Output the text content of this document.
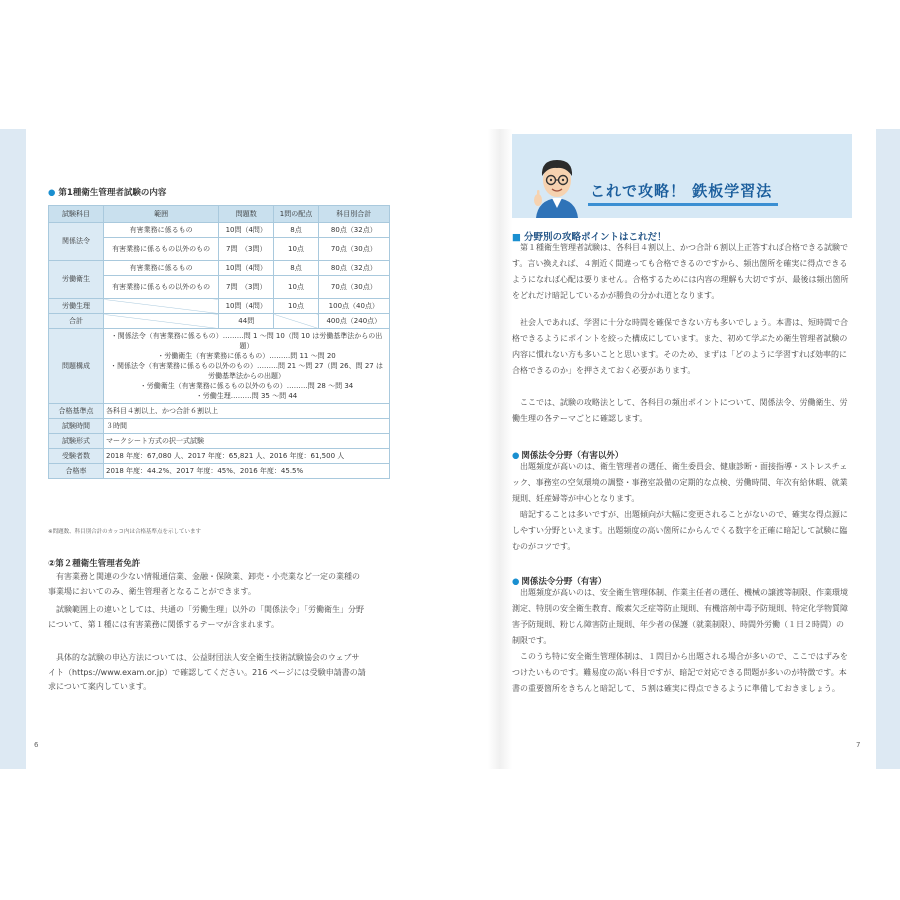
● 第1種衛生管理者試験の内容
試験科目	範囲	問題数	1問の配点	科目別合計
関係法令	有害業務に係るもの	10問（4問）	8点	80点（32点）
	有害業務に係るもの以外のもの	7問　（3問）	10点	70点（30点）
労働衛生	有害業務に係るもの	10問（4問）	8点	80点（32点）
	有害業務に係るもの以外のもの	7問　（3問）	10点	70点（30点）
労働生理		10問（4問）	10点	100点（40点）
合計		44問		400点（240点）
問題構成	・関係法令（有害業務に係るもの）………問 1 〜問 10（問 10 は労働基準法からの出題）
・労働衛生（有害業務に係るもの）………問 11 〜問 20
・関係法令（有害業務に係るもの以外のもの）………問 21 〜問 27（問 26、問 27 は労働基準法からの出題）
・労働衛生（有害業務に係るもの以外のもの）………問 28 〜問 34
・労働生理………問 35 〜問 44			

合格基準点	各科目４割以上、かつ合計６割以上			
試験時間	３時間			
試験形式	マークシート方式の択一式試験			
受験者数	2018 年度：67,080 人、2017 年度：65,821 人、2016 年度：61,500 人			
合格率	2018 年度：44.2%、2017 年度：45%、2016 年度：45.5%			
※問題数、科目別合計のカッコ内は合格基準点を示しています
②第２種衛生管理者免許

有害業務と関連の少ない情報通信業、金融・保険業、卸売・小売業など一定の業種の事業場においてのみ、衛生管理者となることができます。

試験範囲上の違いとしては、共通の「労働生理」以外の「関係法令」「労働衛生」分野について、第１種には有害業務に関係するテーマが含まれます。

具体的な試験の申込方法については、公益財団法人安全衛生技術試験協会のウェブサイト（https://www.exam.or.jp）で確認してください。216 ページには受験申請書の請求について案内しています。

6
これで攻略！ 鉄板学習法
■ 分野別の攻略ポイントはこれだ！

第１種衛生管理者試験は、各科目４割以上、かつ合計６割以上正答すれば合格できる試験です。言い換えれば、４割近く間違っても合格できるのですから、頻出箇所を確実に得点できるようになれば心配は要りません。合格するためには内容の理解も大切ですが、最後は頻出箇所をどれだけ暗記しているかが勝負の分かれ道となります。

社会人であれば、学習に十分な時間を確保できない方も多いでしょう。本書は、短時間で合格できるようにポイントを絞った構成にしています。また、初めて学ぶため衛生管理者試験の内容に慣れない方も多いことと思います。そのため、まずは「どのように学習すれば効率的に合格できるのか」を押さえておく必要があります。

ここでは、試験の攻略法として、各科目の頻出ポイントについて、関係法令、労働衛生、労働生理の各テーマごとに確認します。

● 関係法令分野（有害以外）

出題頻度が高いのは、衛生管理者の選任、衛生委員会、健康診断・面接指導・ストレスチェック、事務室の空気環境の調整・事務室設備の定期的な点検、労働時間、年次有給休暇、就業規則、妊産婦等が中心となります。

暗記することは多いですが、出題傾向が大幅に変更されることがないので、確実な得点源にしやすい分野といえます。出題頻度の高い箇所にからんでくる数字を正確に暗記して試験に臨むのがコツです。

● 関係法令分野（有害）

出題頻度が高いのは、安全衛生管理体制、作業主任者の選任、機械の譲渡等制限、作業環境測定、特別の安全衛生教育、酸素欠乏症等防止規則、有機溶剤中毒予防規則、特定化学物質障害予防規則、粉じん障害防止規則、年少者の保護（就業制限）、時間外労働（１日２時間）の制限です。

このうち特に安全衛生管理体制は、１問目から出題される場合が多いので、ここではずみをつけたいものです。難易度の高い科目ですが、暗記で対応できる問題が多いのが特徴です。本書の重要箇所をきちんと暗記して、５割は確実に得点できるように準備しておきましょう。

7
